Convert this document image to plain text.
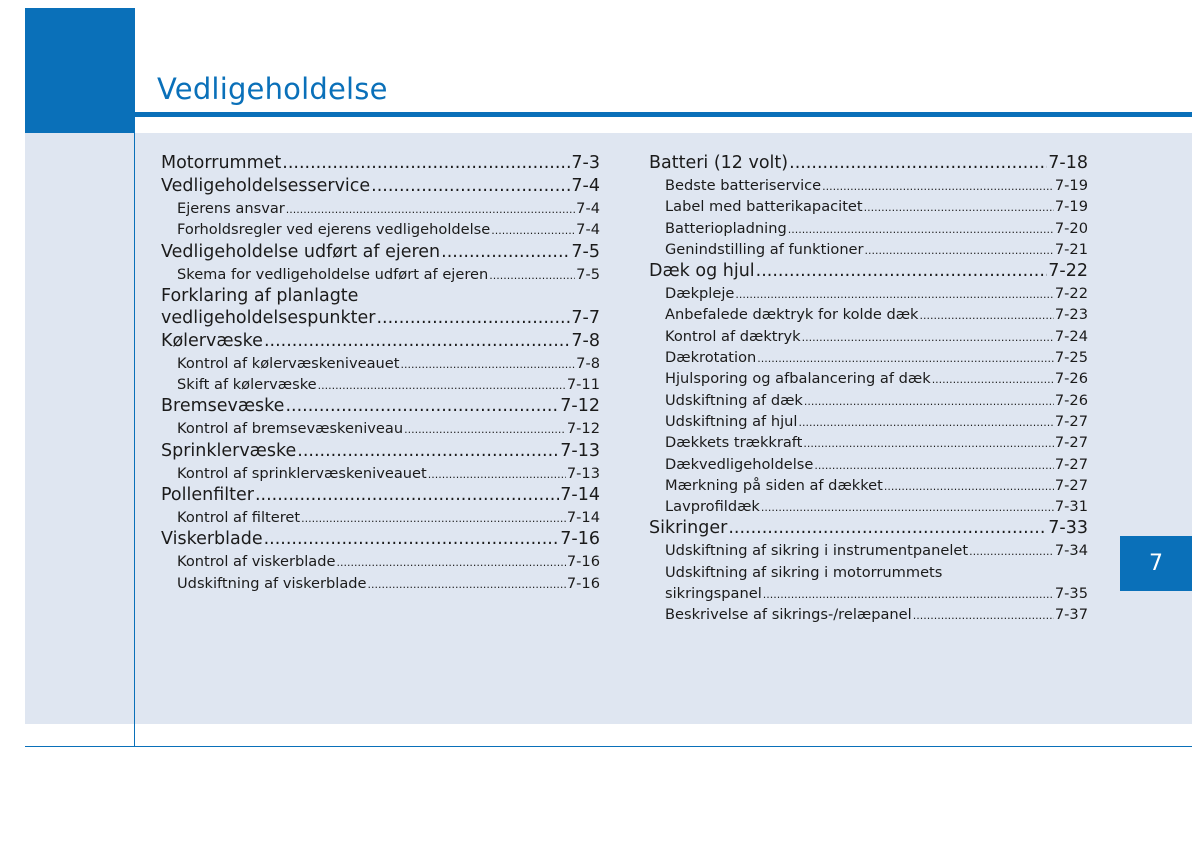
Vedligeholdelse
Motorrummet .....	7-3
Vedligeholdelsesservice .....	7-4
Ejerens ansvar .....	7-4
Forholdsregler ved ejerens vedligeholdelse .....	7-4
Vedligeholdelse udført af ejeren .....	7-5
Skema for vedligeholdelse udført af ejeren .....	7-5
Forklaring af planlagte
vedligeholdelsespunkter .....	7-7
Kølervæske .....	7-8
Kontrol af kølervæskeniveauet .....	7-8
Skift af kølervæske .....	7-11
Bremsevæske .....	7-12
Kontrol af bremsevæskeniveau .....	7-12
Sprinklervæske .....	7-13
Kontrol af sprinklervæskeniveauet .....	7-13
Pollenfilter .....	7-14
Kontrol af filteret .....	7-14
Viskerblade .....	7-16
Kontrol af viskerblade .....	7-16
Udskiftning af viskerblade .....	7-16
Batteri (12 volt) .....	7-18
Bedste batteriservice .....	7-19
Label med batterikapacitet .....	7-19
Batteriopladning .....	7-20
Genindstilling af funktioner .....	7-21
Dæk og hjul .....	7-22
Dækpleje .....	7-22
Anbefalede dæktryk for kolde dæk .....	7-23
Kontrol af dæktryk .....	7-24
Dækrotation .....	7-25
Hjulsporing og afbalancering af dæk .....	7-26
Udskiftning af dæk .....	7-26
Udskiftning af hjul .....	7-27
Dækkets trækkraft .....	7-27
Dækvedligeholdelse .....	7-27
Mærkning på siden af dækket .....	7-27
Lavprofildæk .....	7-31
Sikringer .....	7-33
Udskiftning af sikring i instrumentpanelet .....	7-34
Udskiftning af sikring i motorrummets
sikringspanel .....	7-35
Beskrivelse af sikrings-/relæpanel .....	7-37
7
